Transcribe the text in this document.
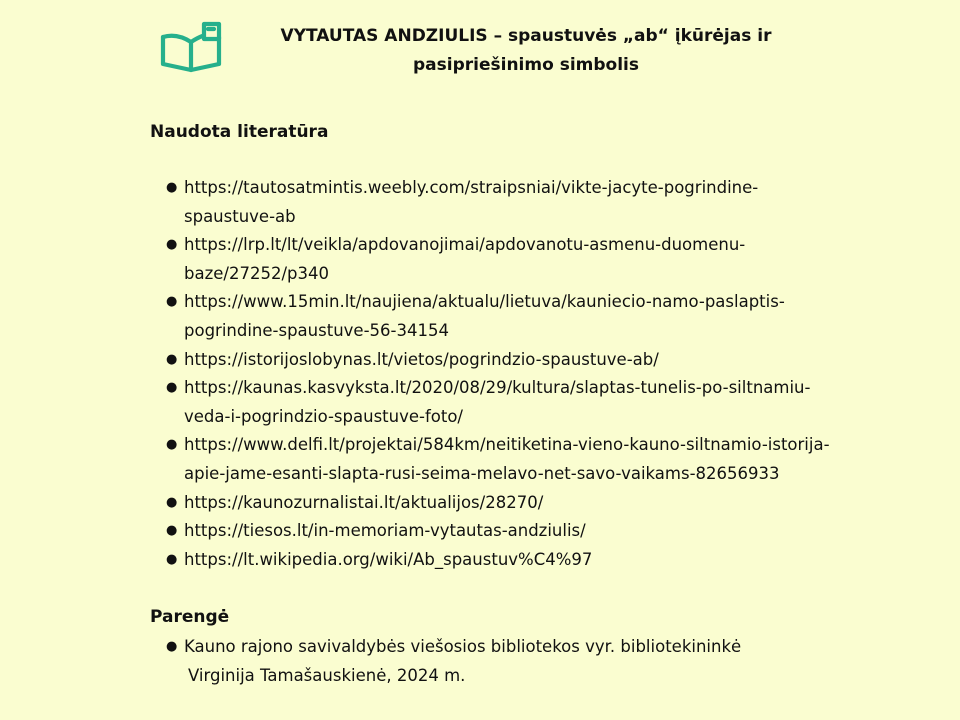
VYTAUTAS ANDZIULIS – spaustuvės „ab“ įkūrėjas ir
pasipriešinimo simbolis
Naudota literatūra
● https://tautosatmintis.weebly.com/straipsniai/vikte-jacyte-pogrindine-spaustuve-ab
● https://lrp.lt/lt/veikla/apdovanojimai/apdovanotu-asmenu-duomenu-baze/27252/p340
● https://www.15min.lt/naujiena/aktualu/lietuva/kauniecio-namo-paslaptis-pogrindine-spaustuve-56-34154
● https://istorijoslobynas.lt/vietos/pogrindzio-spaustuve-ab/
● https://kaunas.kasvyksta.lt/2020/08/29/kultura/slaptas-tunelis-po-siltnamiu-veda-i-pogrindzio-spaustuve-foto/
● https://www.delfi.lt/projektai/584km/neitiketina-vieno-kauno-siltnamio-istorija-apie-jame-esanti-slapta-rusi-seima-melavo-net-savo-vaikams-82656933
● https://kaunozurnalistai.lt/aktualijos/28270/
● https://tiesos.lt/in-memoriam-vytautas-andziulis/
● https://lt.wikipedia.org/wiki/Ab_spaustuv%C4%97
Parengė
● Kauno rajono savivaldybės viešosios bibliotekos vyr. bibliotekininkė
Virginija Tamašauskienė, 2024 m.
